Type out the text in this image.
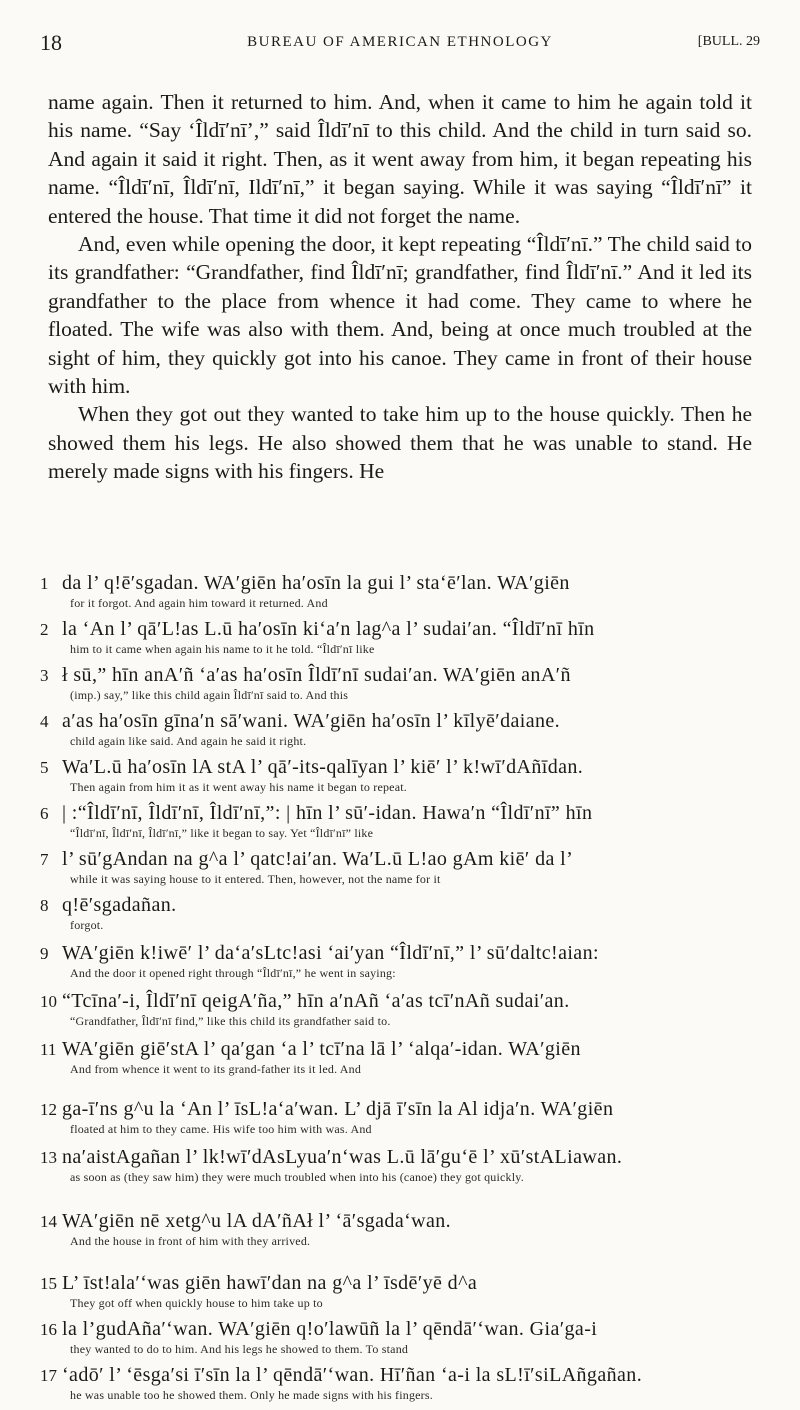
18	BUREAU OF AMERICAN ETHNOLOGY	[BULL. 29

name again. Then it returned to him. And, when it came to him he again told it his name. “Say ‘Îldī′nī’,” said Îldī′nī to this child. And the child in turn said so. And again it said it right. Then, as it went away from him, it began repeating his name. “Îldī′nī, Îldī′nī, Ildī′nī,” it began saying. While it was saying “Îldī′nī” it entered the house. That time it did not forget the name.

And, even while opening the door, it kept repeating “Îldī′nī.” The child said to its grandfather: “Grandfather, find Îldī′nī; grandfather, find Îldī′nī.” And it led its grandfather to the place from whence it had come. They came to where he floated. The wife was also with them. And, being at once much troubled at the sight of him, they quickly got into his canoe. They came in front of their house with him.

When they got out they wanted to take him up to the house quickly. Then he showed them his legs. He also showed them that he was unable to stand. He merely made signs with his fingers. He

1 da l’ q!ē′sgadan. WA′giēn ha′osīn la gui l’ sta‘ē′lan. WA′giēn
for it forgot. And again him toward it returned. And
2 la ‘An l’ qā′L!as L.ū ha′osīn ki‘a′n lag^a l’ sudai′an. “Îldī′nī hīn
him to it came when again his name to it he told. “Îldī′nī like
3 ł sū,” hīn anA′ñ ‘a′as ha′osīn Îldī′nī sudai′an. WA′giēn anA′ñ
(imp.) say,” like this child again Îldī′nī said to. And this
4 a′as ha′osīn gīna′n sā′wani. WA′giēn ha′osīn l’ kīlyē′daiane.
child again like said. And again he said it right.
5 Wa′L.ū ha′osīn lA stA l’ qā′-its-qalīyan l’ kiē′ l’ k!wī′dAñīdan.
Then again from him it as it went away his name it began to repeat.
6 | :“Îldī′nī, Îldī′nī, Îldī′nī,”: | hīn l’ sū′-idan. Hawa′n “Îldī′nī” hīn
“Îldī′nī, Îldī′nī, Îldī′nī,” like it began to say. Yet “Îldī′nī” like
7 l’ sū′gAndan na g^a l’ qatc!ai′an. Wa′L.ū L!ao gAm kiē′ da l’
while it was saying house to it entered. Then, however, not the name for it
8 q!ē′sgadañan.
forgot.
9 WA′giēn k!iwē′ l’ da‘a′sLtc!asi ‘ai′yan “Îldī′nī,” l’ sū′daltc!aian:
And the door it opened right through “Îldī′nī,” he went in saying:
10 “Tcīna′-i, Îldī′nī qeigA′ña,” hīn a′nAñ ‘a′as tcī′nAñ sudai′an.
“Grandfather, Îldī′nī find,” like this child its grandfather said to.
11 WA′giēn giē′stA l’ qa′gan ‘a l’ tcī′na lā l’ ‘alqa′-idan. WA′giēn
And from whence it went to its grand-father its it led. And
12 ga-ī′ns g^u la ‘An l’ īsL!a‘a′wan. L’ djā ī′sīn la Al idja′n. WA′giēn
floated at him to they came. His wife too him with was. And
13 na′aistAgañan l’ lk!wī′dAsLyua′n‘was L.ū lā′gu‘ē l’ xū′stALiawan.
as soon as (they saw him) they were much troubled when into his (canoe) they got quickly.
14 WA′giēn nē xetg^u lA dA′ñAł l’ ‘ā′sgada‘wan.
And the house in front of him with they arrived.
15 L’ īst!ala′‘was giēn hawī′dan na g^a l’ īsdē′yē d^a
They got off when quickly house to him take up to
16 la l’gudAña′‘wan. WA′giēn q!o′lawūñ la l’ qēndā′‘wan. Gia′ga-i
they wanted to do to him. And his legs he showed to them. To stand
17 ‘adō′ l’ ‘ēsga′si ī′sīn la l’ qēndā′‘wan. Hī′ñan ‘a-i la sL!ī′siLAñgañan.
he was unable too he showed them. Only he made signs with his fingers.
